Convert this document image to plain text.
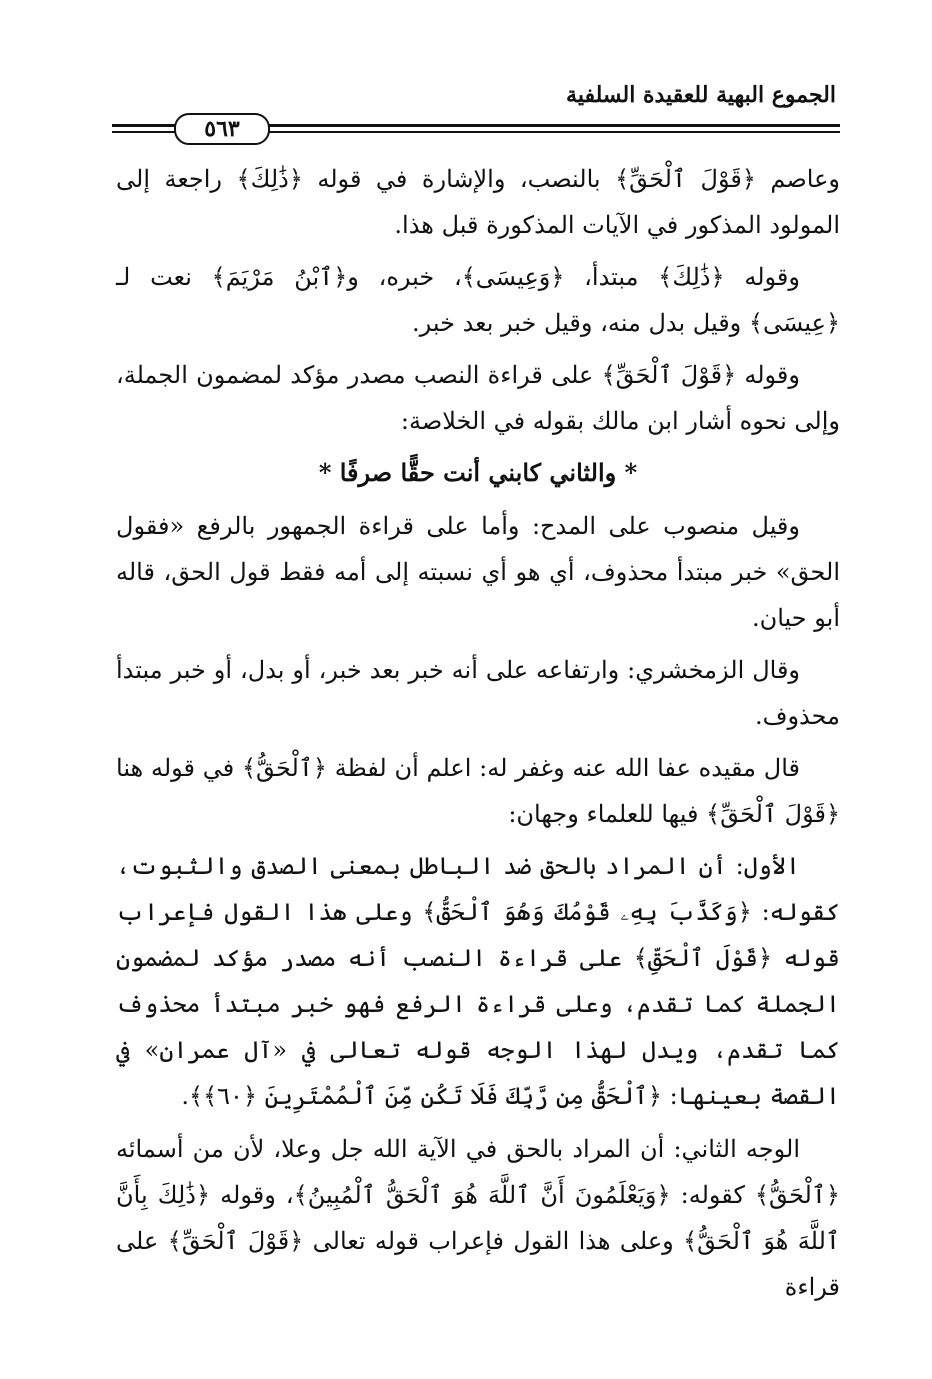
الجموع البهية للعقيدة السلفية
٥٦٣

وعاصم ﴿قَوْلَ ٱلْحَقِّ﴾ بالنصب، والإشارة في قوله ﴿ذَٰلِكَ﴾ راجعة إلى المولود المذكور في الآيات المذكورة قبل هذا.

وقوله ﴿ذَٰلِكَ﴾ مبتدأ، ﴿وَعِيسَى﴾، خبره، و﴿ٱبْنُ مَرْيَمَ﴾ نعت لـ ﴿عِيسَى﴾ وقيل بدل منه، وقيل خبر بعد خبر.

وقوله ﴿قَوْلَ ٱلْحَقِّ﴾ على قراءة النصب مصدر مؤكد لمضمون الجملة، وإلى نحوه أشار ابن مالك بقوله في الخلاصة:

* والثاني كابني أنت حقًّا صرفًا *

وقيل منصوب على المدح: وأما على قراءة الجمهور بالرفع «فقول الحق» خبر مبتدأ محذوف، أي هو أي نسبته إلى أمه فقط قول الحق، قاله أبو حيان.

وقال الزمخشري: وارتفاعه على أنه خبر بعد خبر، أو بدل، أو خبر مبتدأ محذوف.

قال مقيده عفا الله عنه وغفر له: اعلم أن لفظة ﴿ٱلْحَقُّ﴾ في قوله هنا ﴿قَوْلَ ٱلْحَقِّ﴾ فيها للعلماء وجهان:

الأول: أن المراد بالحق ضد الباطل بمعنى الصدق والثبوت، كقوله: ﴿وَكَذَّبَ بِهِۦ قَوْمُكَ وَهُوَ ٱلْحَقُّ﴾ وعلى هذا القول فإعراب قوله ﴿قَوْلَ ٱلْحَقِّ﴾ على قراءة النصب أنه مصدر مؤكد لمضمون الجملة كما تقدم، وعلى قراءة الرفع فهو خبر مبتدأ محذوف كما تقدم، ويدل لهذا الوجه قوله تعالى في «آل عمران» في القصة بعينها: ﴿ٱلْحَقُّ مِن رَّبِّكَ فَلَا تَكُن مِّنَ ٱلْمُمْتَرِينَ ﴿٦٠﴾﴾.

الوجه الثاني: أن المراد بالحق في الآية الله جل وعلا، لأن من أسمائه ﴿ٱلْحَقُّ﴾ كقوله: ﴿وَيَعْلَمُونَ أَنَّ ٱللَّهَ هُوَ ٱلْحَقُّ ٱلْمُبِينُ﴾، وقوله ﴿ذَٰلِكَ بِأَنَّ ٱللَّهَ هُوَ ٱلْحَقُّ﴾ وعلى هذا القول فإعراب قوله تعالى ﴿قَوْلَ ٱلْحَقِّ﴾ على قراءة
